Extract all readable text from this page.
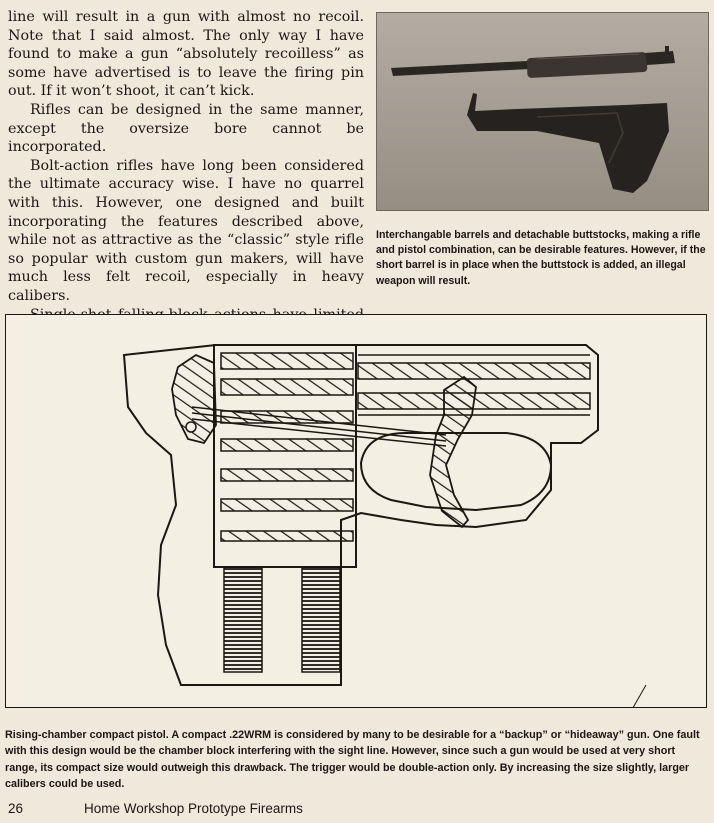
line will result in a gun with almost no recoil. Note that I said almost. The only way I have found to make a gun “absolutely recoilless” as some have advertised is to leave the firing pin out. If it won’t shoot, it can’t kick.

Rifles can be designed in the same manner, except the oversize bore cannot be incorporated.

Bolt-action rifles have long been considered the ultimate accuracy wise. I have no quarrel with this. However, one designed and built incorporating the features described above, while not as attractive as the “classic” style rifle so popular with custom gun makers, will have much less felt recoil, especially in heavy calibers.

Interchangable barrels and detachable buttstocks, making a rifle and pistol combination, can be desirable features. However, if the short barrel is in place when the buttstock is added, an illegal weapon will result.

Rising-chamber compact pistol. A compact .22WRM is considered by many to be desirable for a “backup” or “hideaway” gun. One fault with this design would be the chamber block interfering with the sight line. However, since such a gun would be used at very short range, its compact size would outweigh this drawback. The trigger would be double-action only. By increasing the size slightly, larger calibers could be used.

26	Home Workshop Prototype Firearms
